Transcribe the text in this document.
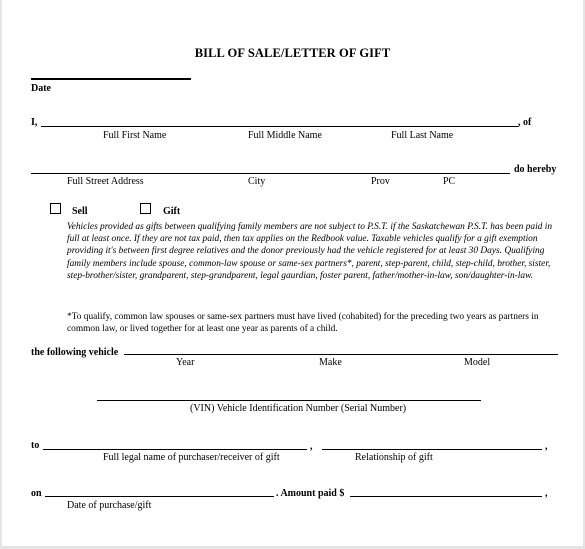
BILL OF SALE/LETTER OF GIFT
Date
I,	, of
Full First Name	Full Middle Name	Full Last Name
do hereby
Full Street Address	City	Prov	PC
Sell	Gift
Vehicles provided as gifts between qualifying family members are not subject to P.S.T. if the Saskatchewan P.S.T. has been paid in full at least once. If they are not tax paid, then tax applies on the Redbook value. Taxable vehicles qualify for a gift exemption providing it's between first degree relatives and the donor previously had the vehicle registered for at least 30 Days. Qualifying family members include spouse, common-law spouse or same-sex partners*, parent, step-parent, child, step-child, brother, sister, step-brother/sister, grandparent, step-grandparent, legal gaurdian, foster parent, father/mother-in-law, son/daughter-in-law.
*To qualify, common law spouses or same-sex partners must have lived (cohabited) for the preceding two years as partners in common law, or lived together for at least one year as parents of a child.
the following vehicle
Year	Make	Model
(VIN) Vehicle Identification Number (Serial Number)
to	,	,
Full legal name of purchaser/receiver of gift	Relationship of gift
on	. Amount paid $	,
Date of purchase/gift
